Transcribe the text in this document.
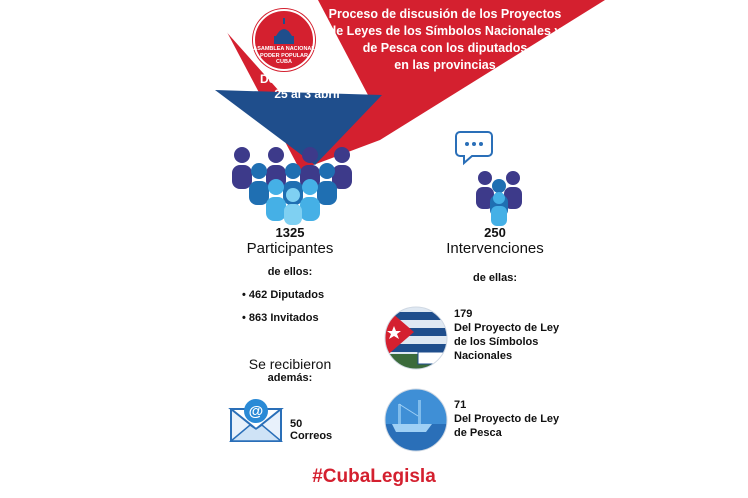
ASAMBLEA NACIONAL
PODER POPULAR
CUBA
Proceso de discusión de los Proyectos
de Leyes de los Símbolos Nacionales y
de Pesca con los diputados
en las provincias
Desarrollado del
25 al 3 abril
1325
Participantes
de ellos:
• 462 Diputados
• 863 Invitados
Se recibieron
además:
@
50
Correos
250
Intervenciones
de ellas:
179
Del Proyecto de Ley
de los Símbolos
Nacionales
71
Del Proyecto de Ley
de Pesca
#CubaLegisla
